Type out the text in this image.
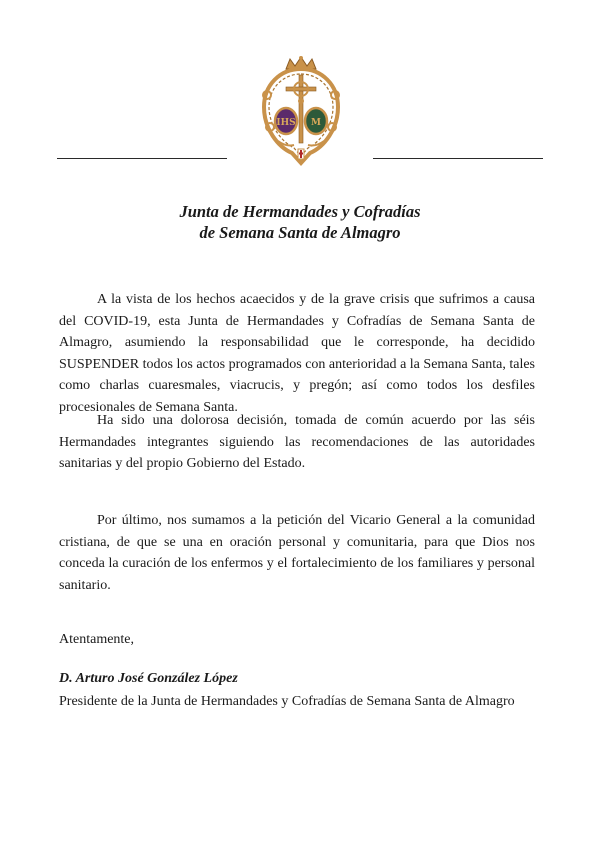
IHS M
Junta de Hermandades y Cofradías
de Semana Santa de Almagro

A la vista de los hechos acaecidos y de la grave crisis que sufrimos a causa del COVID-19, esta Junta de Hermandades y Cofradías de Semana Santa de Almagro, asumiendo la responsabilidad que le corresponde, ha decidido SUSPENDER todos los actos programados con anterioridad a la Semana Santa, tales como charlas cuaresmales, viacrucis, y pregón; así como todos los desfiles procesionales de Semana Santa.

Ha sido una dolorosa decisión, tomada de común acuerdo por las séis Hermandades integrantes siguiendo las recomendaciones de las autoridades sanitarias y del propio Gobierno del Estado.

Por último, nos sumamos a la petición del Vicario General a la comunidad cristiana, de que se una en oración personal y comunitaria, para que Dios nos conceda la curación de los enfermos y el fortalecimiento de los familiares y personal sanitario.

Atentamente,
D. Arturo José González López
Presidente de la Junta de Hermandades y Cofradías de Semana Santa de Almagro
